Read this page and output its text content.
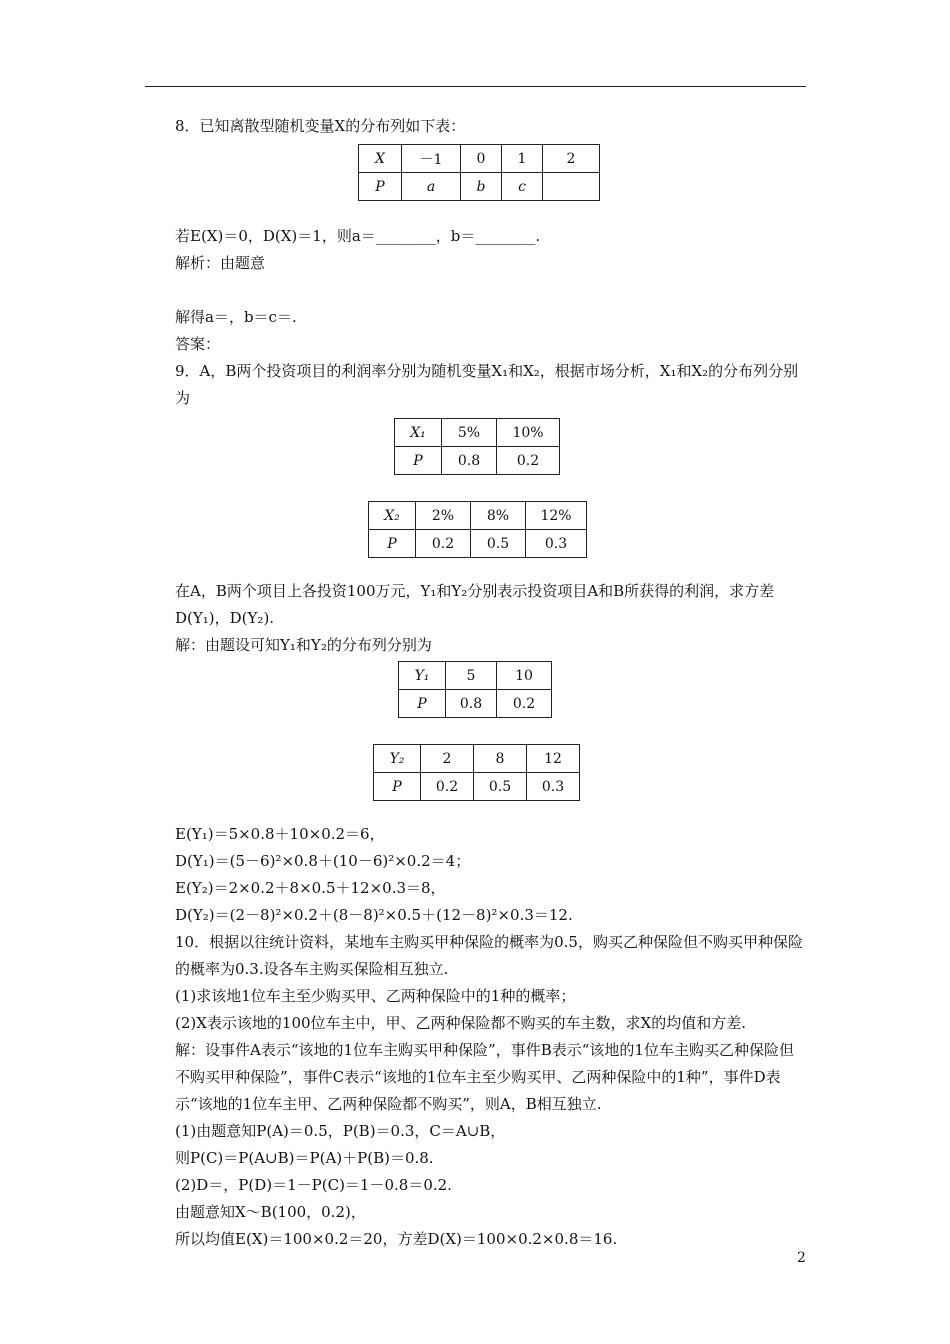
8．已知离散型随机变量X的分布列如下表：

X	－1	0	1	2
P	a	b	c	

若E(X)＝0，D(X)＝1，则a＝________，b＝________.

解析：由题意

解得a＝，b＝c＝.

答案：

9．A，B两个投资项目的利润率分别为随机变量X₁和X₂，根据市场分析，X₁和X₂的分布列分别为

X₁	5%	10%
P	0.8	0.2
X₂	2%	8%	12%
P	0.2	0.5	0.3

在A，B两个项目上各投资100万元，Y₁和Y₂分别表示投资项目A和B所获得的利润，求方差D(Y₁)，D(Y₂).

解：由题设可知Y₁和Y₂的分布列分别为

Y₁	5	10
P	0.8	0.2
Y₂	2	8	12
P	0.2	0.5	0.3

E(Y₁)＝5×0.8＋10×0.2＝6，

D(Y₁)＝(5－6)²×0.8＋(10－6)²×0.2＝4；

E(Y₂)＝2×0.2＋8×0.5＋12×0.3＝8，

D(Y₂)＝(2－8)²×0.2＋(8－8)²×0.5＋(12－8)²×0.3＝12.

10．根据以往统计资料，某地车主购买甲种保险的概率为0.5，购买乙种保险但不购买甲种保险的概率为0.3.设各车主购买保险相互独立.

(1)求该地1位车主至少购买甲、乙两种保险中的1种的概率；

(2)X表示该地的100位车主中，甲、乙两种保险都不购买的车主数，求X的均值和方差.

解：设事件A表示“该地的1位车主购买甲种保险”，事件B表示“该地的1位车主购买乙种保险但不购买甲种保险”，事件C表示“该地的1位车主至少购买甲、乙两种保险中的1种”，事件D表示“该地的1位车主甲、乙两种保险都不购买”，则A，B相互独立.

(1)由题意知P(A)＝0.5，P(B)＝0.3，C＝A∪B，

则P(C)＝P(A∪B)＝P(A)＋P(B)＝0.8.

(2)D＝，P(D)＝1－P(C)＝1－0.8＝0.2.

由题意知X～B(100，0.2)，

所以均值E(X)＝100×0.2＝20，方差D(X)＝100×0.2×0.8＝16.

2
